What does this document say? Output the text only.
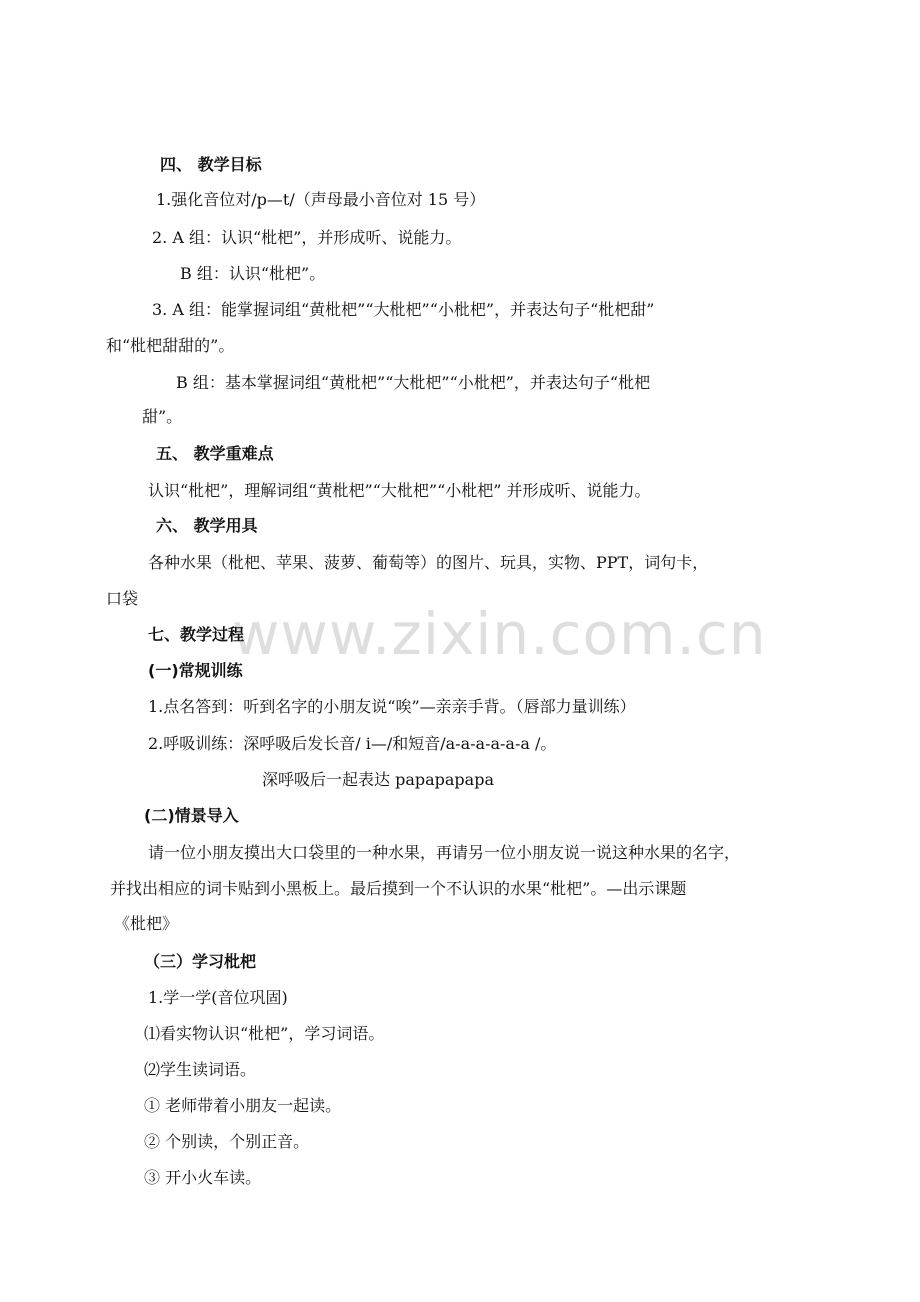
www.zixin.com.cn
四、 教学目标
1.强化音位对/p—t/（声母最小音位对 15 号）
2. A 组：认识“枇杷”，并形成听、说能力。
B 组：认识“枇杷”。
3. A 组：能掌握词组“黄枇杷”“大枇杷”“小枇杷”，并表达句子“枇杷甜”
和“枇杷甜甜的”。
B 组：基本掌握词组“黄枇杷”“大枇杷”“小枇杷”，并表达句子“枇杷
甜”。
五、 教学重难点
认识“枇杷”，理解词组“黄枇杷”“大枇杷”“小枇杷” 并形成听、说能力。
六、 教学用具
各种水果（枇杷、苹果、菠萝、葡萄等）的图片、玩具，实物、PPT，词句卡，
口袋
七、教学过程
(一)常规训练
1.点名答到：听到名字的小朋友说“唉”—亲亲手背。（唇部力量训练）
2.呼吸训练：深呼吸后发长音/ i—/和短音/a-a-a-a-a-a /。
深呼吸后一起表达 papapapapa
(二)情景导入
请一位小朋友摸出大口袋里的一种水果，再请另一位小朋友说一说这种水果的名字，
并找出相应的词卡贴到小黑板上。最后摸到一个不认识的水果“枇杷”。—出示课题
《枇杷》
（三）学习枇杷
1.学一学(音位巩固)
⑴看实物认识“枇杷”，学习词语。
⑵学生读词语。
① 老师带着小朋友一起读。
② 个别读，个别正音。
③ 开小火车读。
